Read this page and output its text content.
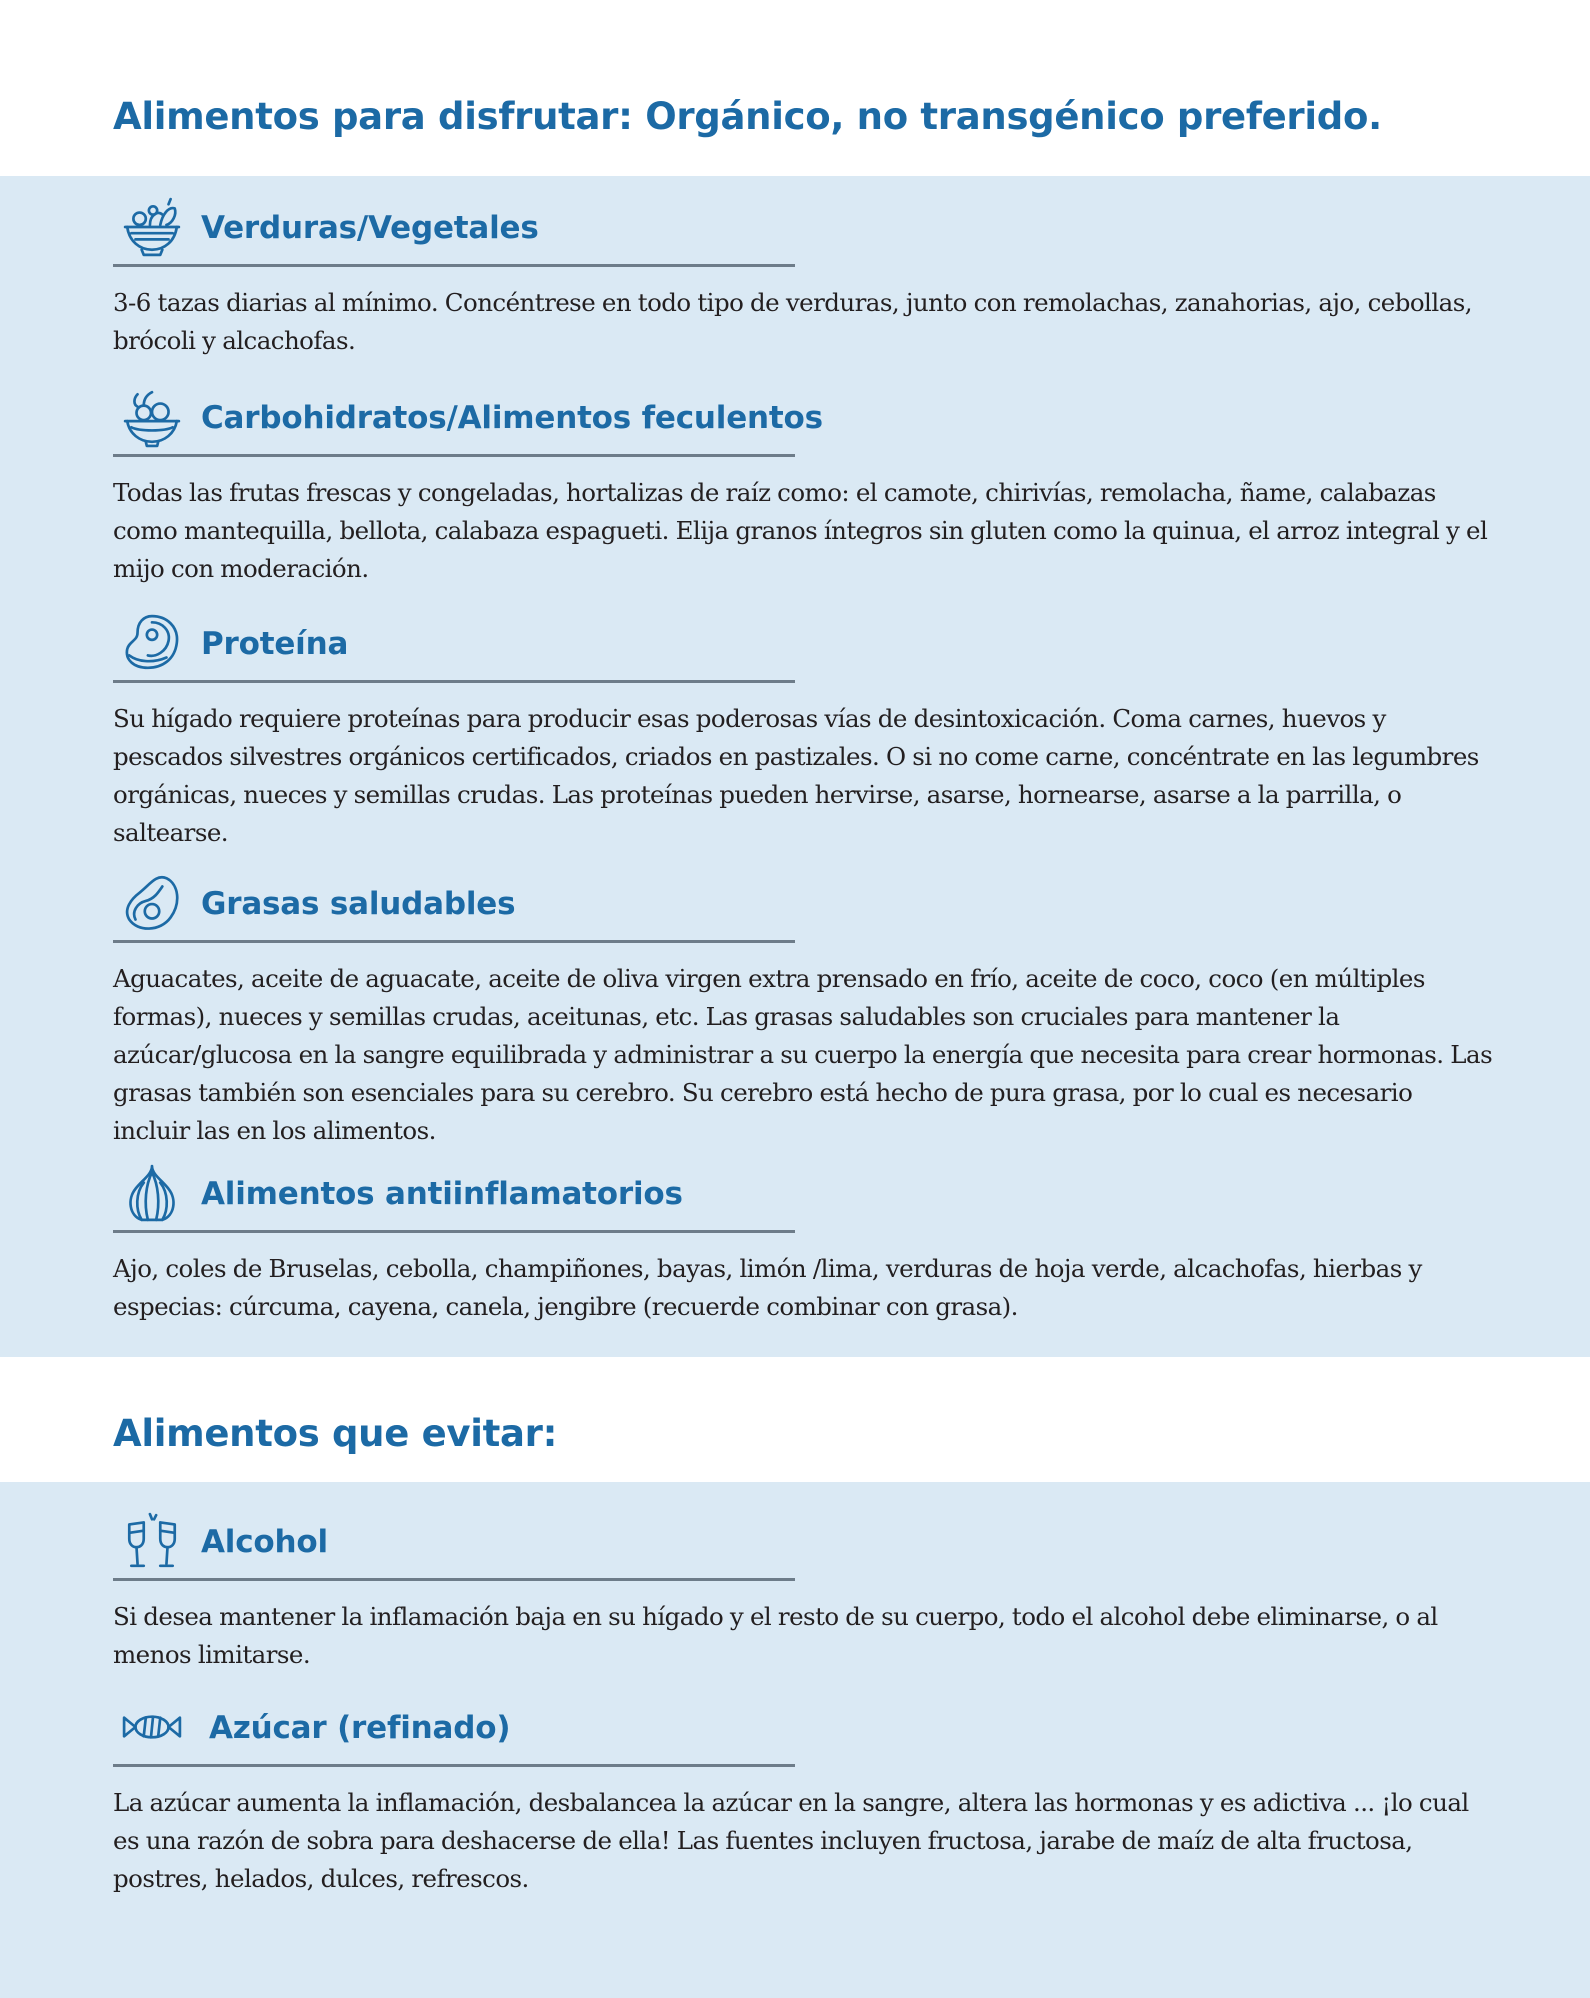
Alimentos para disfrutar: Orgánico, no transgénico preferido.
Verduras/Vegetales

3-6 tazas diarias al mínimo. Concéntrese en todo tipo de verduras, junto con remolachas, zanahorias, ajo, cebollas, brócoli y alcachofas.

Carbohidratos/Alimentos feculentos

Todas las frutas frescas y congeladas, hortalizas de raíz como: el camote, chirivías, remolacha, ñame, calabazas como mantequilla, bellota, calabaza espagueti. Elija granos íntegros sin gluten como la quinua, el arroz integral y el mijo con moderación.

Proteína

Su hígado requiere proteínas para producir esas poderosas vías de desintoxicación. Coma carnes, huevos y pescados silvestres orgánicos certificados, criados en pastizales. O si no come carne, concéntrate en las legumbres orgánicas, nueces y semillas crudas. Las proteínas pueden hervirse, asarse, hornearse, asarse a la parrilla, o saltearse.

Grasas saludables

Aguacates, aceite de aguacate, aceite de oliva virgen extra prensado en frío, aceite de coco, coco (en múltiples formas), nueces y semillas crudas, aceitunas, etc. Las grasas saludables son cruciales para mantener la azúcar/glucosa en la sangre equilibrada y administrar a su cuerpo la energía que necesita para crear hormonas. Las grasas también son esenciales para su cerebro. Su cerebro está hecho de pura grasa, por lo cual es necesario incluir las en los alimentos.

Alimentos antiinflamatorios

Ajo, coles de Bruselas, cebolla, champiñones, bayas, limón /lima, verduras de hoja verde, alcachofas, hierbas y especias: cúrcuma, cayena, canela, jengibre (recuerde combinar con grasa).

Alimentos que evitar:
Alcohol

Si desea mantener la inflamación baja en su hígado y el resto de su cuerpo, todo el alcohol debe eliminarse, o al menos limitarse.

Azúcar (refinado)

La azúcar aumenta la inflamación, desbalancea la azúcar en la sangre, altera las hormonas y es adictiva ... ¡lo cual es una razón de sobra para deshacerse de ella! Las fuentes incluyen fructosa, jarabe de maíz de alta fructosa, postres, helados, dulces, refrescos.
